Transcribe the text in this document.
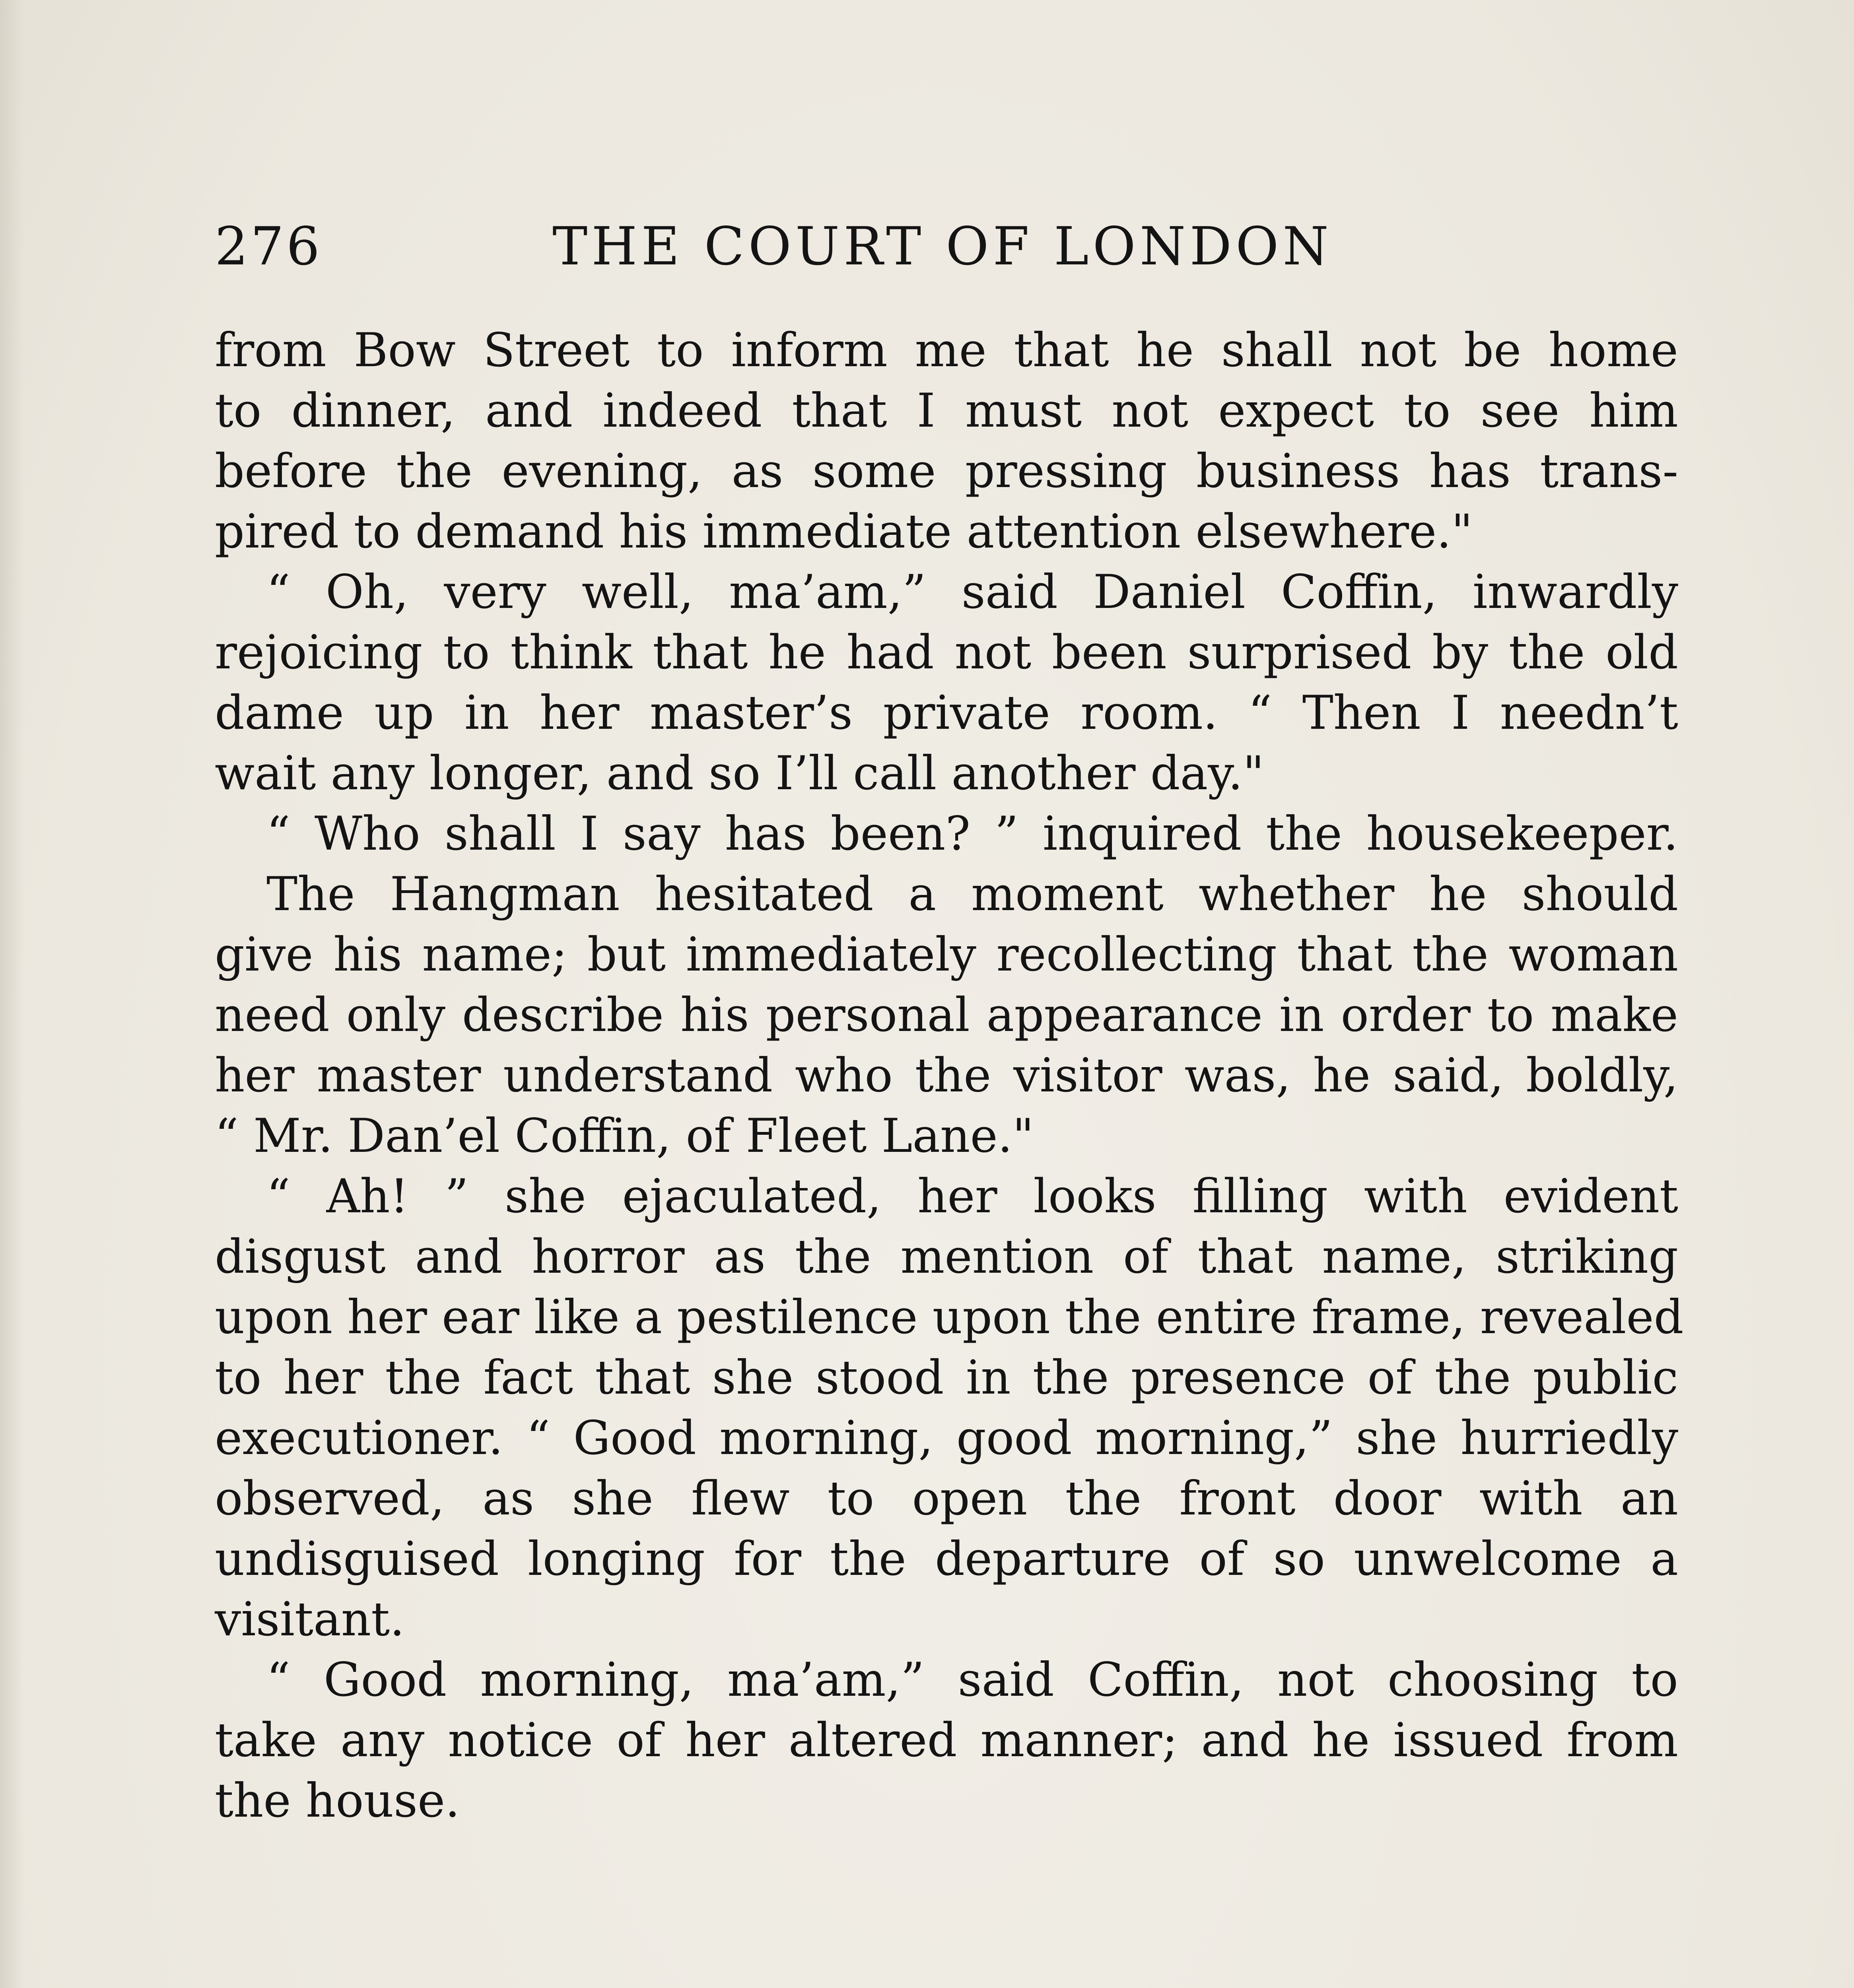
276	THE COURT OF LONDON
from Bow Street to inform me that he shall not be home
to dinner, and indeed that I must not expect to see him
before the evening, as some pressing business has trans-
pired to demand his immediate attention elsewhere."
“ Oh, very well, ma’am,” said Daniel Coffin, inwardly
rejoicing to think that he had not been surprised by the old
dame up in her master’s private room. “ Then I needn’t
wait any longer, and so I’ll call another day."
“ Who shall I say has been? ” inquired the housekeeper.
The Hangman hesitated a moment whether he should
give his name; but immediately recollecting that the woman
need only describe his personal appearance in order to make
her master understand who the visitor was, he said, boldly,
“ Mr. Dan’el Coffin, of Fleet Lane."
“ Ah! ” she ejaculated, her looks filling with evident
disgust and horror as the mention of that name, striking
upon her ear like a pestilence upon the entire frame, revealed
to her the fact that she stood in the presence of the public
executioner. “ Good morning, good morning,” she hurriedly
observed, as she flew to open the front door with an
undisguised longing for the departure of so unwelcome a
visitant.
“ Good morning, ma’am,” said Coffin, not choosing to
take any notice of her altered manner; and he issued from
the house.
